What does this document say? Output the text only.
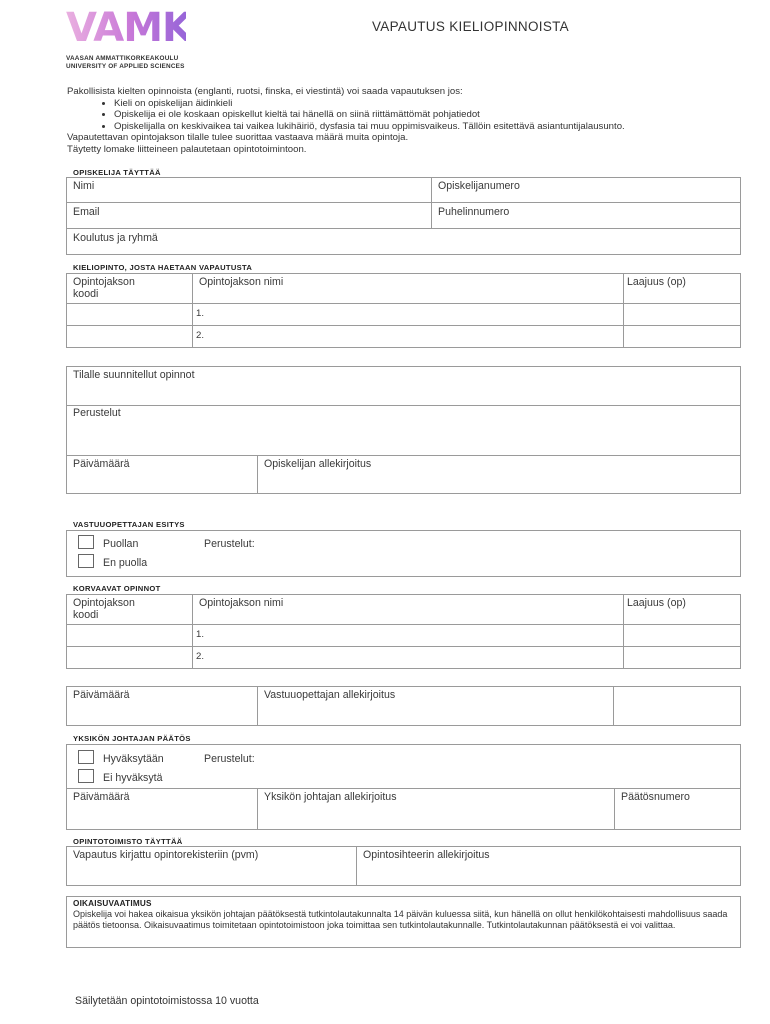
VAMK
VAASAN AMMATTIKORKEAKOULU
UNIVERSITY OF APPLIED SCIENCES
VAPAUTUS KIELIOPINNOISTA
Pakollisista kielten opinnoista (englanti, ruotsi, finska, ei viestintä) voi saada vapautuksen jos:
• Kieli on opiskelijan äidinkieli
• Opiskelija ei ole koskaan opiskellut kieltä tai hänellä on siinä riittämättömät pohjatiedot
• Opiskelijalla on keskivaikea tai vaikea lukihäiriö, dysfasia tai muu oppimisvaikeus. Tällöin esitettävä asiantuntijalausunto.
Vapautettavan opintojakson tilalle tulee suorittaa vastaava määrä muita opintoja.
Täytetty lomake liitteineen palautetaan opintotoimintoon.
OPISKELIJA TÄYTTÄÄ
Nimi	Opiskelijanumero
Email	Puhelinnumero
Koulutus ja ryhmä
KIELIOPINTO, JOSTA HAETAAN VAPAUTUSTA
Opintojakson
koodi
Opintojakson nimi	Laajuus (op)
1.
2.
Tilalle suunnitellut opinnot
Perustelut
Päivämäärä	Opiskelijan allekirjoitus
VASTUUOPETTAJAN ESITYS
Puollan
En puolla
Perustelut:
KORVAAVAT OPINNOT
Opintojakson
koodi
Opintojakson nimi	Laajuus (op)
1.
2.
Päivämäärä	Vastuuopettajan allekirjoitus
YKSIKÖN JOHTAJAN PÄÄTÖS
Hyväksytään
Ei hyväksytä
Perustelut:
Päivämäärä	Yksikön johtajan allekirjoitus	Päätösnumero
OPINTOTOIMISTO TÄYTTÄÄ
Vapautus kirjattu opintorekisteriin (pvm)	Opintosihteerin allekirjoitus
OIKAISUVAATIMUS
Opiskelija voi hakea oikaisua yksikön johtajan päätöksestä tutkintolautakunnalta 14 päivän kuluessa siitä, kun hänellä on ollut henkilökohtaisesti mahdollisuus saada päätös tietoonsa. Oikaisuvaatimus toimitetaan opintotoimistoon joka toimittaa sen tutkintolautakunnalle. Tutkintolautakunnan päätöksestä ei voi valittaa.
Säilytetään opintotoimistossa 10 vuotta
